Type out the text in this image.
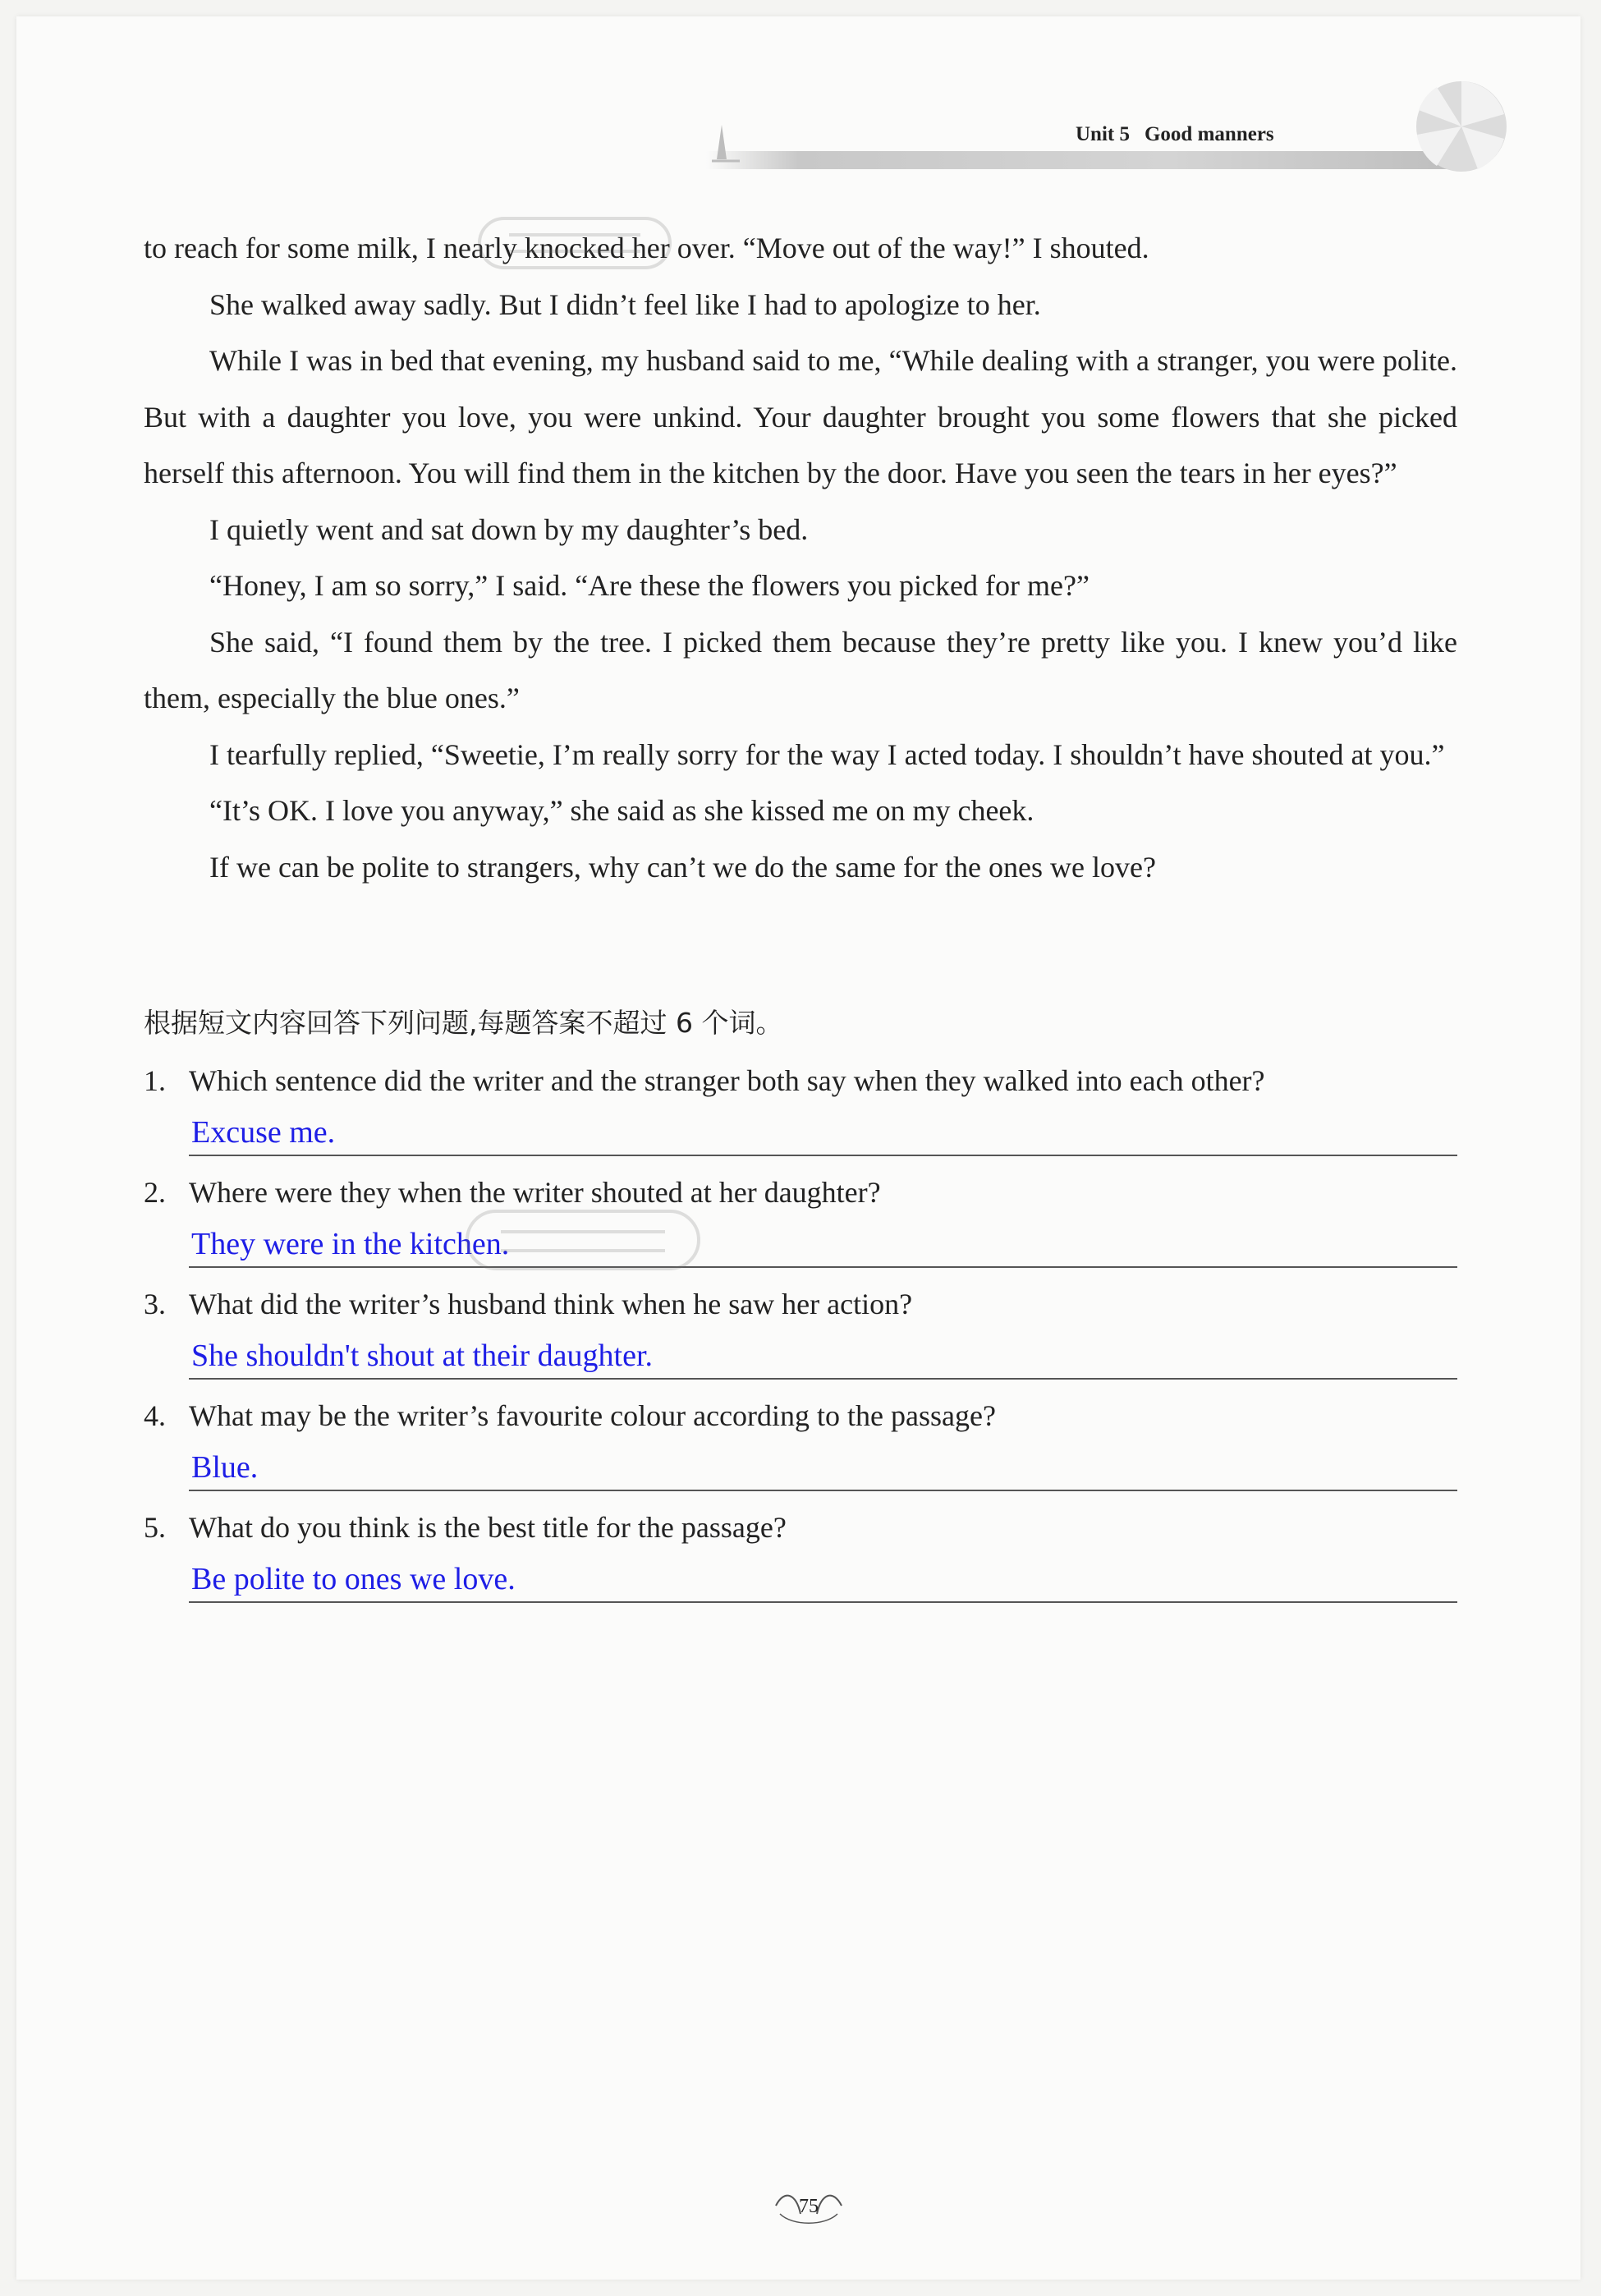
Unit 5 Good manners

to reach for some milk, I nearly knocked her over. “Move out of the way!” I shouted.

She walked away sadly. But I didn’t feel like I had to apologize to her.

While I was in bed that evening, my husband said to me, “While dealing with a stranger, you were polite. But with a daughter you love, you were unkind. Your daughter brought you some flowers that she picked herself this afternoon. You will find them in the kitchen by the door. Have you seen the tears in her eyes?”

I quietly went and sat down by my daughter’s bed.

“Honey, I am so sorry,” I said. “Are these the flowers you picked for me?”

She said, “I found them by the tree. I picked them because they’re pretty like you. I knew you’d like them, especially the blue ones.”

I tearfully replied, “Sweetie, I’m really sorry for the way I acted today. I shouldn’t have shouted at you.”

“It’s OK. I love you anyway,” she said as she kissed me on my cheek.

If we can be polite to strangers, why can’t we do the same for the ones we love?

根据短文内容回答下列问题,每题答案不超过 6 个词。
1. Which sentence did the writer and the stranger both say when they walked into each other?
Excuse me.
2. Where were they when the writer shouted at her daughter?
They were in the kitchen.
3. What did the writer’s husband think when he saw her action?
She shouldn't shout at their daughter.
4. What may be the writer’s favourite colour according to the passage?
Blue.
5. What do you think is the best title for the passage?
Be polite to ones we love.
75
